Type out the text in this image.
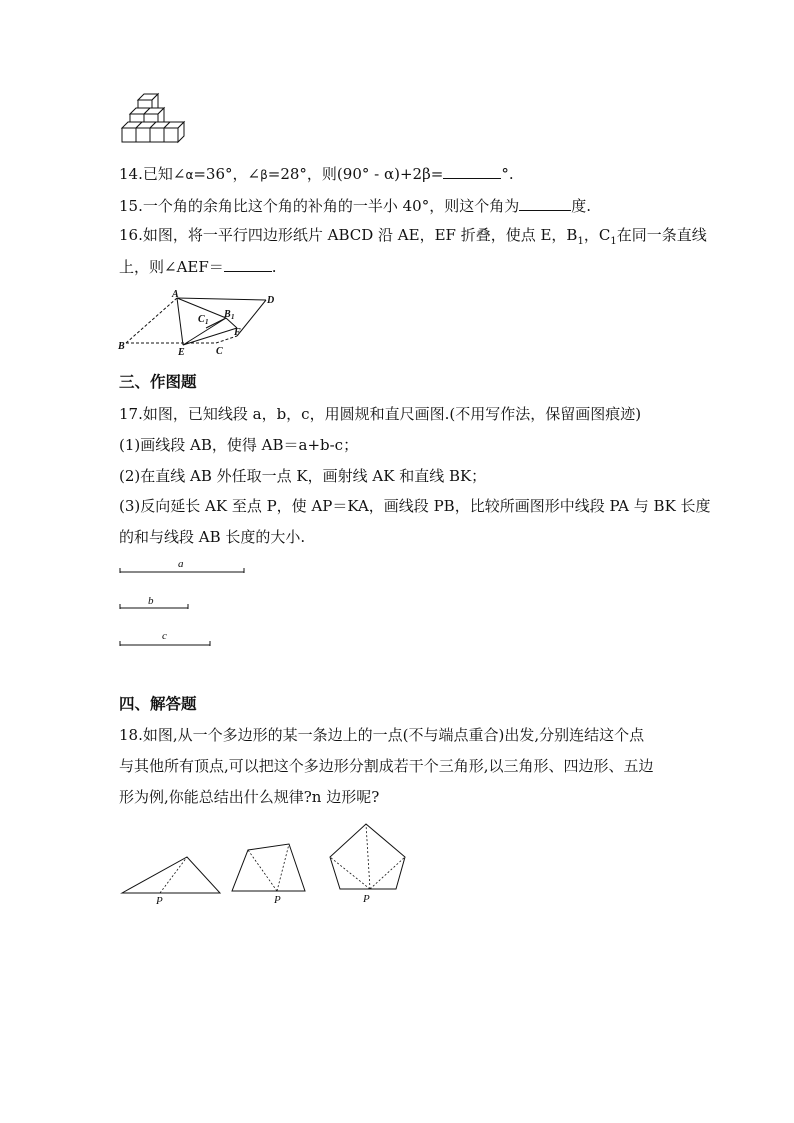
14.已知∠α=36°，∠β=28°，则(90° - α)+2β=	°.
15.一个角的余角比这个角的补角的一半小 40°，则这个角为	度.
16.如图，将一平行四边形纸片 ABCD 沿 AE，EF 折叠，使点 E，$B_1$，$C_1$在同一条直线
上，则∠AEF＝	.
A
D
C 1
B 1
F
B
E	C
三、作图题
17.如图，已知线段 a，b，c，用圆规和直尺画图.(不用写作法，保留画图痕迹)
(1)画线段 AB，使得 AB＝a+b-c；
(2)在直线 AB 外任取一点 K，画射线 AK 和直线 BK；
(3)反向延长 AK 至点 P，使 AP＝KA，画线段 PB，比较所画图形中线段 PA 与 BK 长度
的和与线段 AB 长度的大小.
a
b
c
四、解答题
18.如图,从一个多边形的某一条边上的一点(不与端点重合)出发,分别连结这个点
与其他所有顶点,可以把这个多边形分割成若干个三角形,以三角形、四边形、五边
形为例,你能总结出什么规律?n 边形呢?
P	P	P
